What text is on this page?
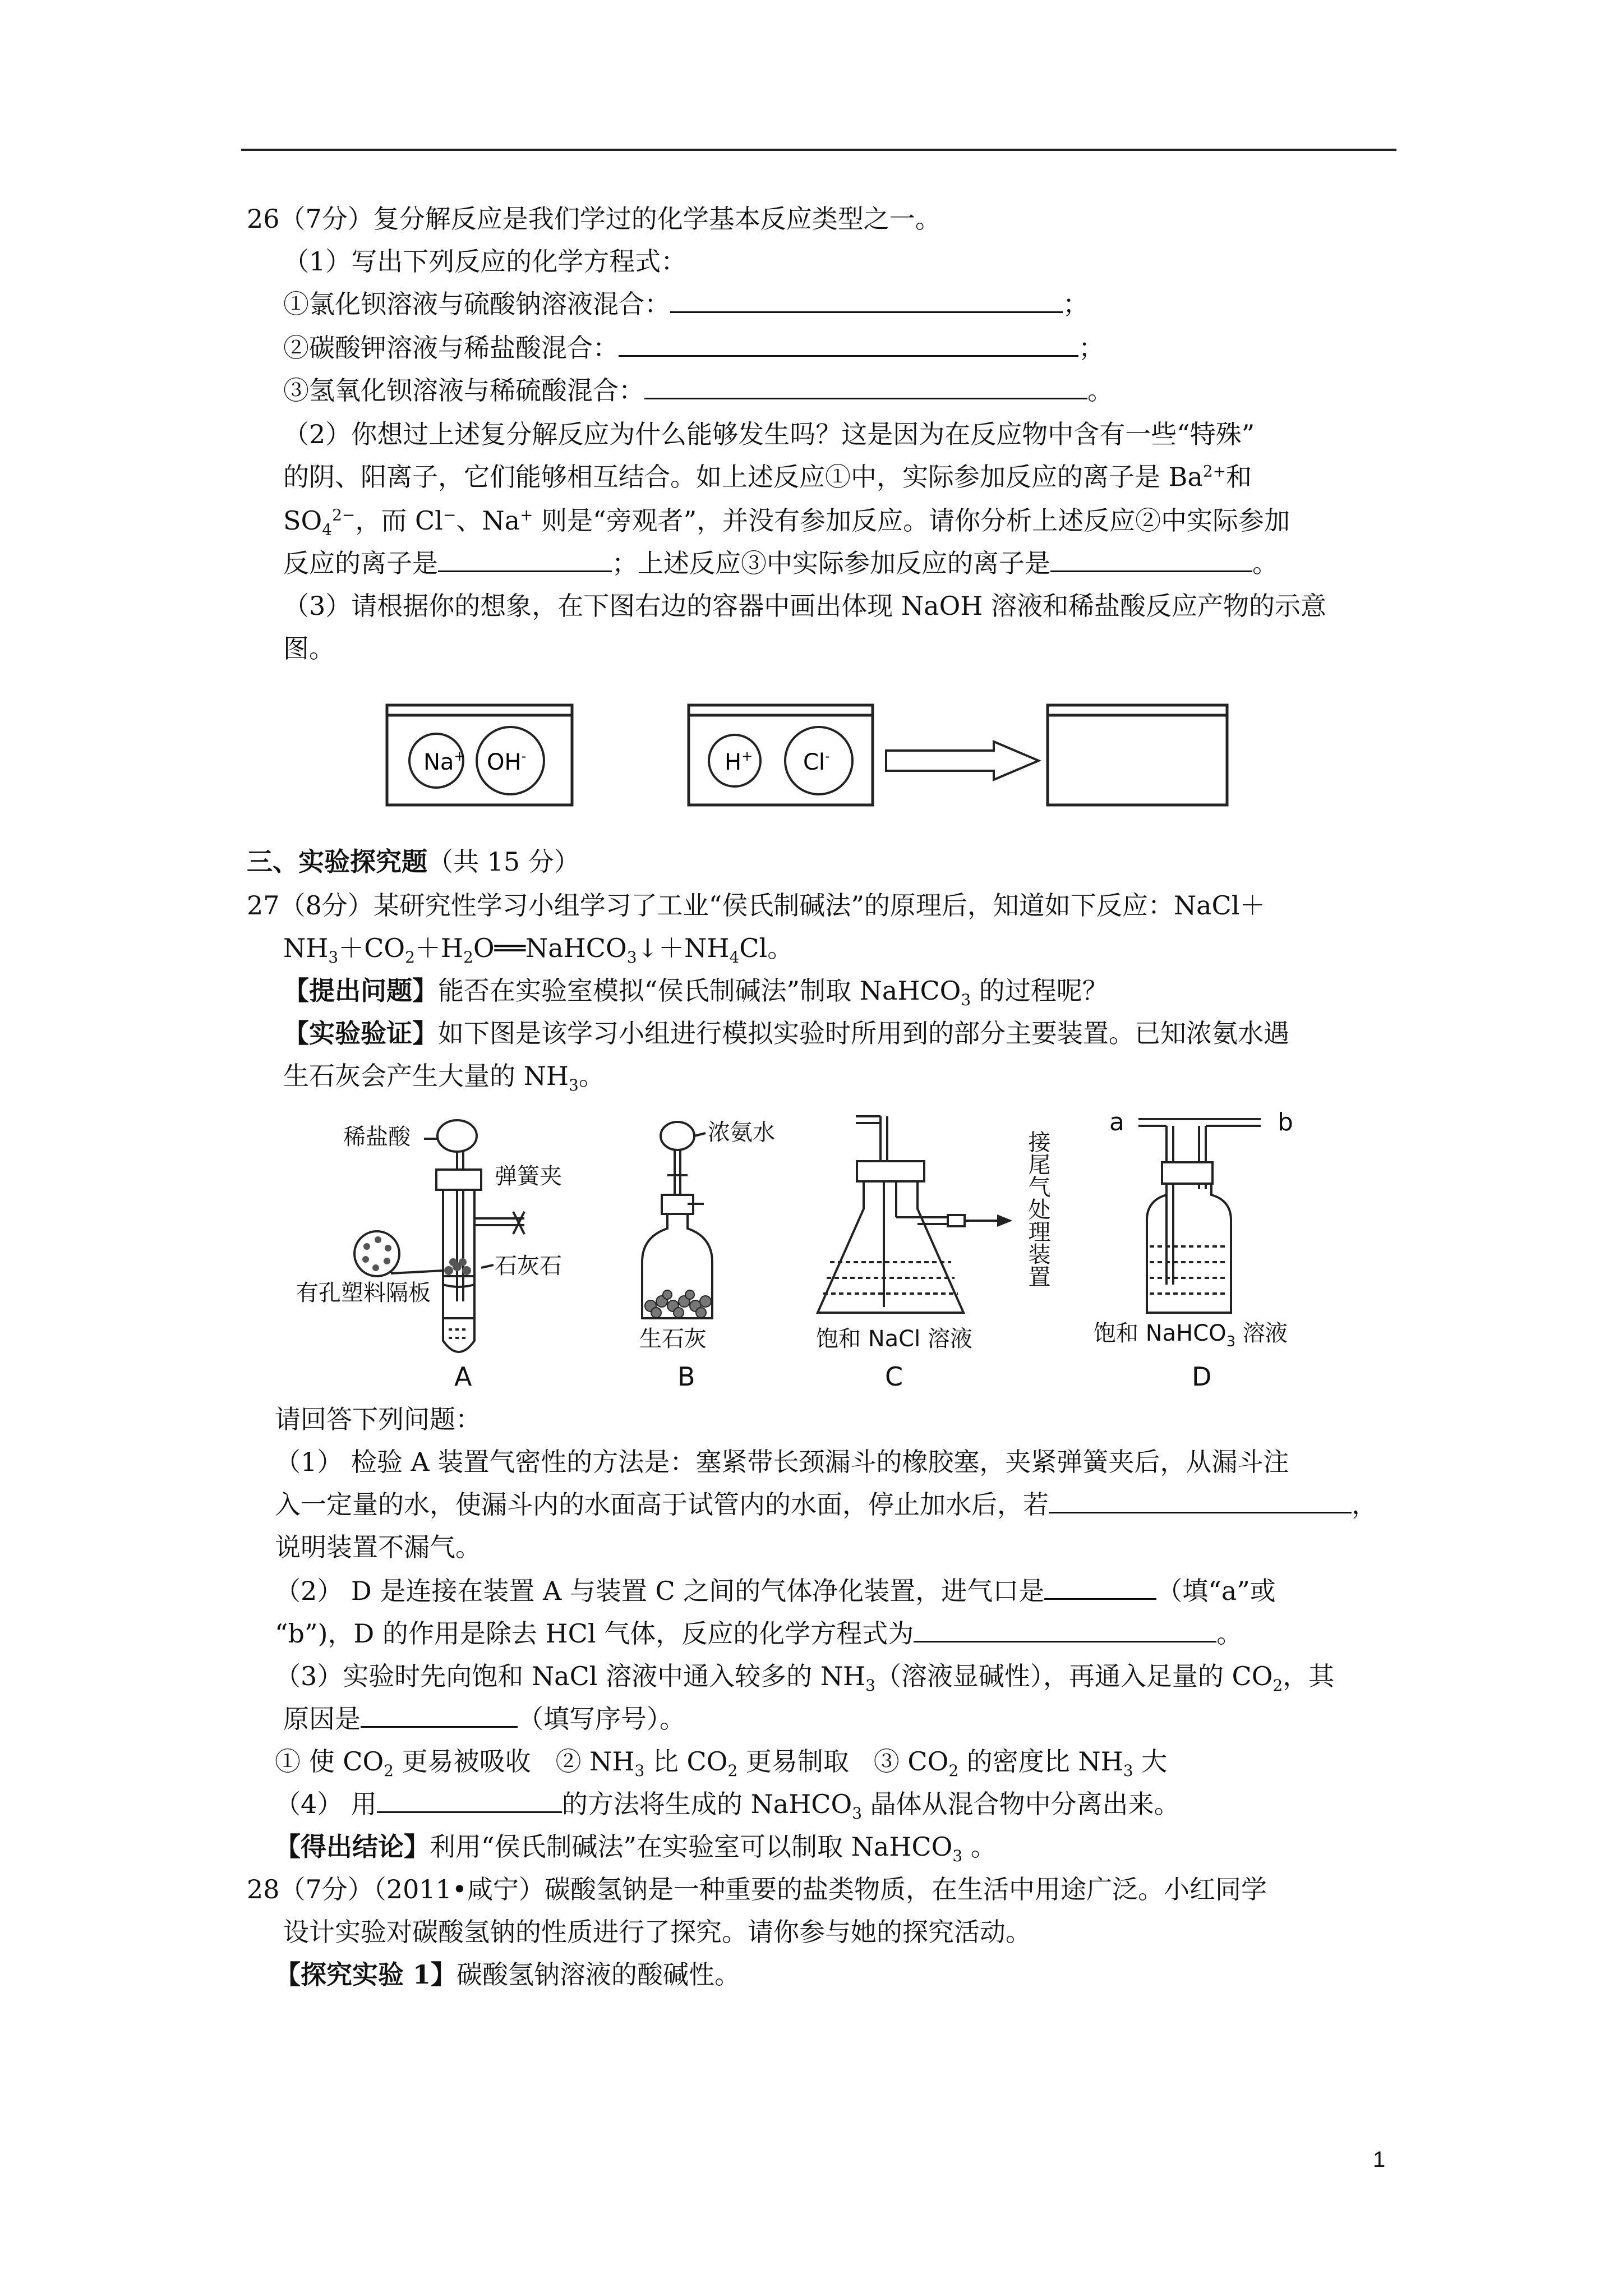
26（7分）复分解反应是我们学过的化学基本反应类型之一。
（1）写出下列反应的化学方程式：
①氯化钡溶液与硫酸钠溶液混合：	；
②碳酸钾溶液与稀盐酸混合：	；
③氢氧化钡溶液与稀硫酸混合：	。
（2）你想过上述复分解反应为什么能够发生吗？这是因为在反应物中含有一些“特殊”
的阴、阳离子，它们能够相互结合。如上述反应①中，实际参加反应的离子是 $Ba^{2+}$和
$SO_4^{2-}$，而 Cl−、Na+ 则是“旁观者”，并没有参加反应。请你分析上述反应②中实际参加
反应的离子是	；上述反应③中实际参加反应的离子是	。
（3）请根据你的想象，在下图右边的容器中画出体现 NaOH 溶液和稀盐酸反应产物的示意
图。
Na+ OH-	H+ Cl-
三、实验探究题（共 15 分）
27（8分）某研究性学习小组学习了工业“侯氏制碱法”的原理后，知道如下反应：NaCl＋
$NH_3+CO_2+H_2O══NaHCO_3↓+NH_4Cl$。
【提出问题】能否在实验室模拟“侯氏制碱法”制取 NaHCO$_3$ 的过程呢？
【实验验证】如下图是该学习小组进行模拟实验时所用到的部分主要装置。已知浓氨水遇
生石灰会产生大量的 $NH_3$。
稀盐酸
弹簧夹
石灰石
有孔塑料隔板
浓氨水
生石灰	饱和 NaCl 溶液
接尾气处理装置
a	b
饱和 NaHCO$_3$ 溶液
A	B	C	D
请回答下列问题：
（1） 检验 A 装置气密性的方法是：塞紧带长颈漏斗的橡胶塞，夹紧弹簧夹后，从漏斗注
入一定量的水，使漏斗内的水面高于试管内的水面，停止加水后，若	，
说明装置不漏气。
（2） D 是连接在装置 A 与装置 C 之间的气体净化装置，进气口是	（填“a”或
“b”)，D 的作用是除去 HCl 气体，反应的化学方程式为	。
（3）实验时先向饱和 NaCl 溶液中通入较多的 $NH_3$（溶液显碱性），再通入足量的 $CO_2$，其
原因是	（填写序号）。
① 使 $CO_2$ 更易被吸收 ② $NH_3$ 比 $CO_2$ 更易制取 ③ $CO_2$ 的密度比 $NH_3$ 大
（4） 用	的方法将生成的 NaHCO$_3$ 晶体从混合物中分离出来。
【得出结论】利用“侯氏制碱法”在实验室可以制取 NaHCO$_3$ 。
28（7分）（2011•咸宁）碳酸氢钠是一种重要的盐类物质，在生活中用途广泛。小红同学
设计实验对碳酸氢钠的性质进行了探究。请你参与她的探究活动。
【探究实验 1】碳酸氢钠溶液的酸碱性。
1
